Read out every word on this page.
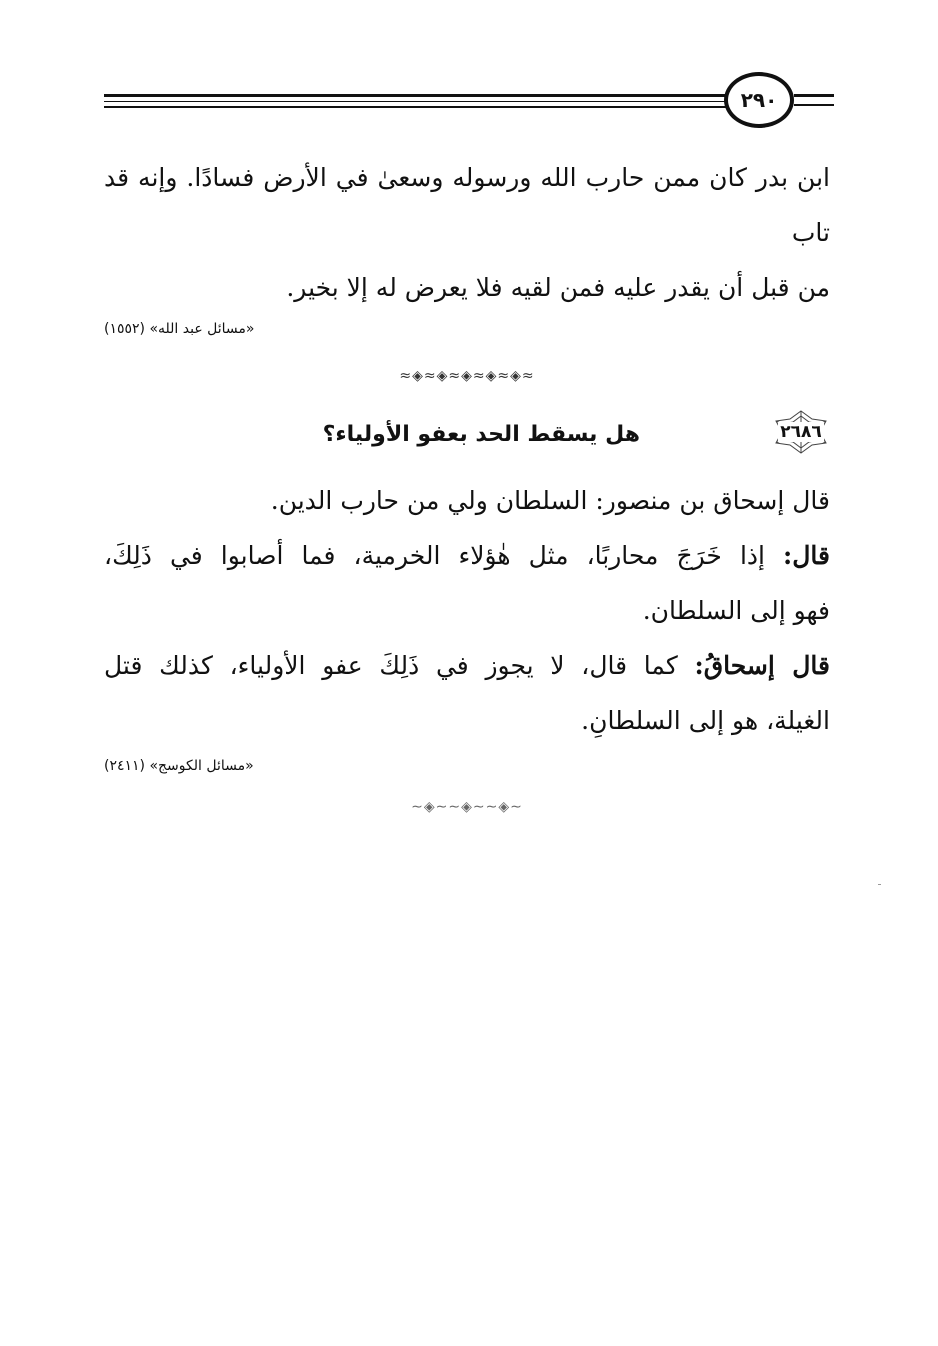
٢٩٠

ابن بدر كان ممن حارب الله ورسوله وسعىٰ في الأرض فسادًا. وإنه قد تاب

من قبل أن يقدر عليه فمن لقيه فلا يعرض له إلا بخير.

«مسائل عبد الله» (١٥٥٢)

≈◈≈◈≈◈≈◈≈◈≈
٢٦٨٦
هل يسقط الحد بعفو الأولياء؟

قال إسحاق بن منصور: السلطان ولي من حارب الدين.

قال: إذا خَرَجَ محاربًا، مثل هٰؤلاء الخرمية، فما أصابوا في ذَلِكَ،

فهو إلى السلطان.

قال إسحاقُ: كما قال، لا يجوز في ذَلِكَ عفو الأولياء، كذلك قتل

الغيلة، هو إلى السلطانِ.

«مسائل الكوسج» (٢٤١١)

∼◈∼∼◈∼∼◈∼
